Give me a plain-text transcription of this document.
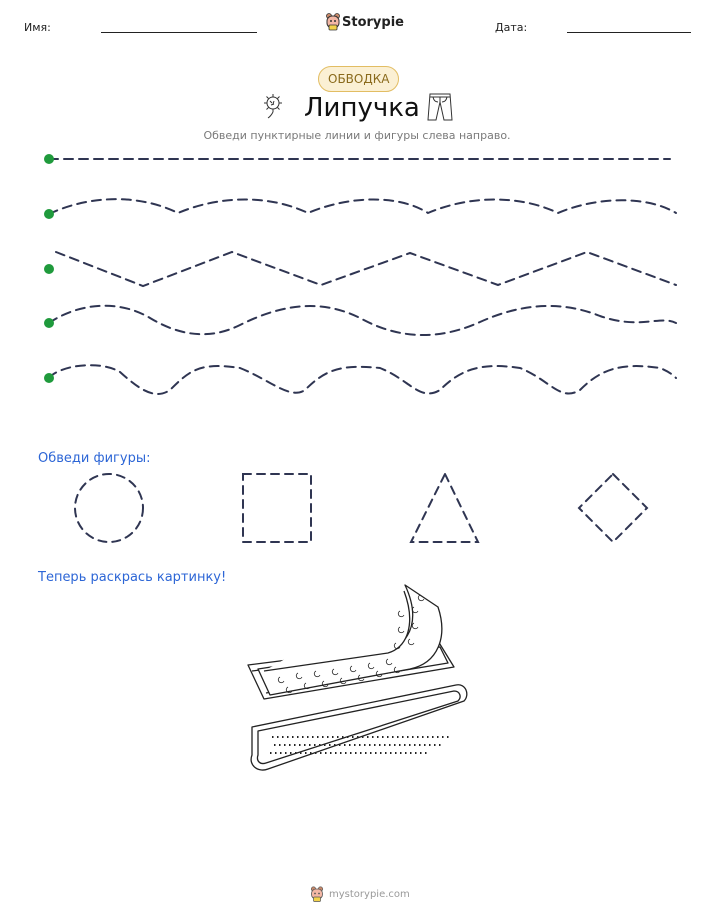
Имя:	Storypie	Дата:
ОБВОДКА
Липучка
Обведи пунктирные линии и фигуры слева направо.
Обведи фигуры:
Теперь раскрась картинку!
mystorypie.com
